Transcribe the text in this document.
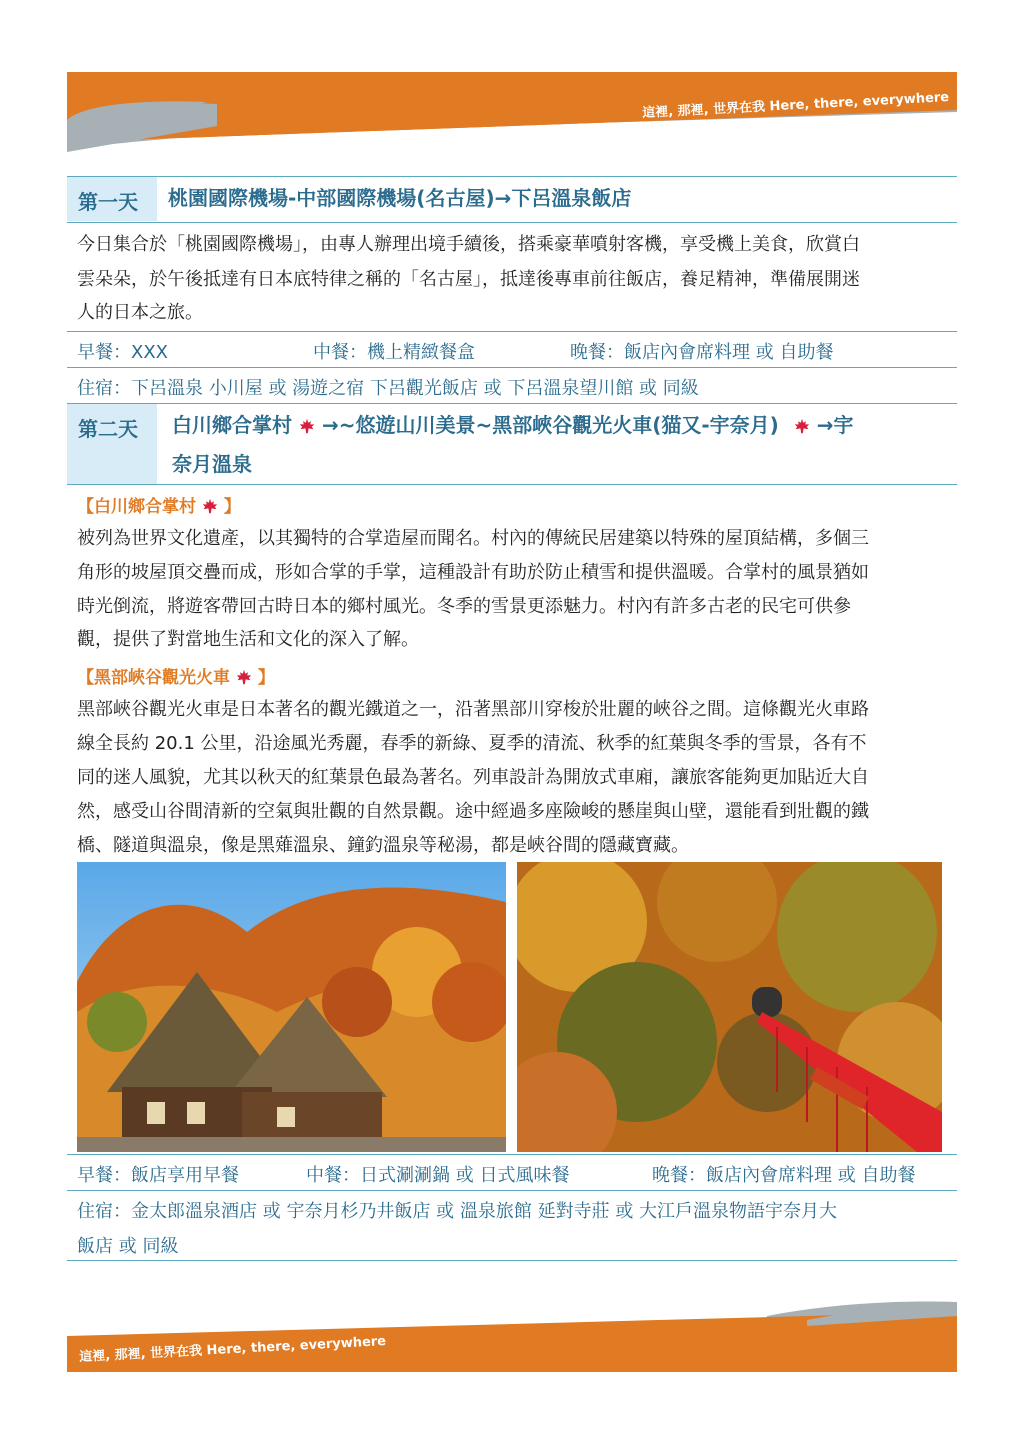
這裡, 那裡, 世界在我 Here, there, everywhere
第一天 桃園國際機場-中部國際機場(名古屋)→下呂溫泉飯店
今日集合於「桃園國際機場」，由專人辦理出境手續後，搭乘豪華噴射客機，享受機上美食，欣賞白
雲朵朵，於午後抵達有日本底特律之稱的「名古屋」，抵達後專車前往飯店，養足精神，準備展開迷
人的日本之旅。
早餐：XXX	中餐：機上精緻餐盒	晚餐：飯店內會席料理 或 自助餐
住宿：下呂溫泉 小川屋 或 湯遊之宿 下呂觀光飯店 或 下呂溫泉望川館 或 同級
第二天 白川鄉合掌村 →~悠遊山川美景~黑部峽谷觀光火車(猫又-宇奈月) →宇
奈月溫泉
【白川鄉合掌村 】
被列為世界文化遺產，以其獨特的合掌造屋而聞名。村內的傳統民居建築以特殊的屋頂結構，多個三
角形的坡屋頂交疊而成，形如合掌的手掌，這種設計有助於防止積雪和提供溫暖。合掌村的風景猶如
時光倒流，將遊客帶回古時日本的鄉村風光。冬季的雪景更添魅力。村內有許多古老的民宅可供參
觀，提供了對當地生活和文化的深入了解。
【黑部峽谷觀光火車 】
黑部峽谷觀光火車是日本著名的觀光鐵道之一，沿著黑部川穿梭於壯麗的峽谷之間。這條觀光火車路
線全長約 20.1 公里，沿途風光秀麗，春季的新綠、夏季的清流、秋季的紅葉與冬季的雪景，各有不
同的迷人風貌，尤其以秋天的紅葉景色最為著名。列車設計為開放式車廂，讓旅客能夠更加貼近大自
然，感受山谷間清新的空氣與壯觀的自然景觀。途中經過多座險峻的懸崖與山壁，還能看到壯觀的鐵
橋、隧道與溫泉，像是黑薙溫泉、鐘釣溫泉等秘湯，都是峽谷間的隱藏寶藏。
早餐：飯店享用早餐	中餐：日式涮涮鍋 或 日式風味餐	晚餐：飯店內會席料理 或 自助餐
住宿：金太郎溫泉酒店 或 宇奈月杉乃井飯店 或 溫泉旅館 延對寺莊 或 大江戶溫泉物語宇奈月大
飯店 或 同級
這裡, 那裡, 世界在我 Here, there, everywhere
